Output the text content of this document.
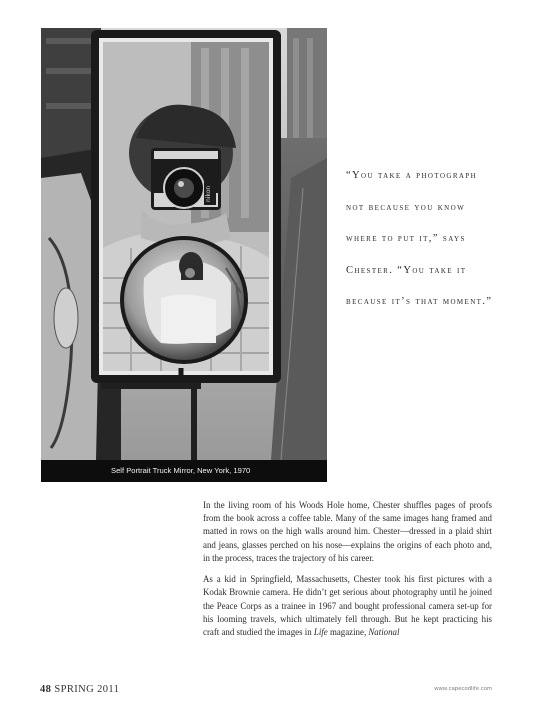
nikon
Self Portrait Truck Mirror, New York, 1970
“You take a photograph
not because you know
where to put it,” says
Chester. “You take it
because it’s that moment.”

In the living room of his Woods Hole home, Chester shuffles pages of proofs from the book across a coffee table. Many of the same images hang framed and matted in rows on the high walls around him. Chester—dressed in a plaid shirt and jeans, glasses perched on his nose—explains the origins of each photo and, in the process, traces the trajectory of his career.

As a kid in Springfield, Massachusetts, Chester took his first pictures with a Kodak Brownie camera. He didn’t get serious about photography until he joined the Peace Corps as a trainee in 1967 and bought professional camera set-up for his looming travels, which ultimately fell through. But he kept practicing his craft and studied the images in Life magazine, National

48 SPRING 2011	www.capecodlife.com
